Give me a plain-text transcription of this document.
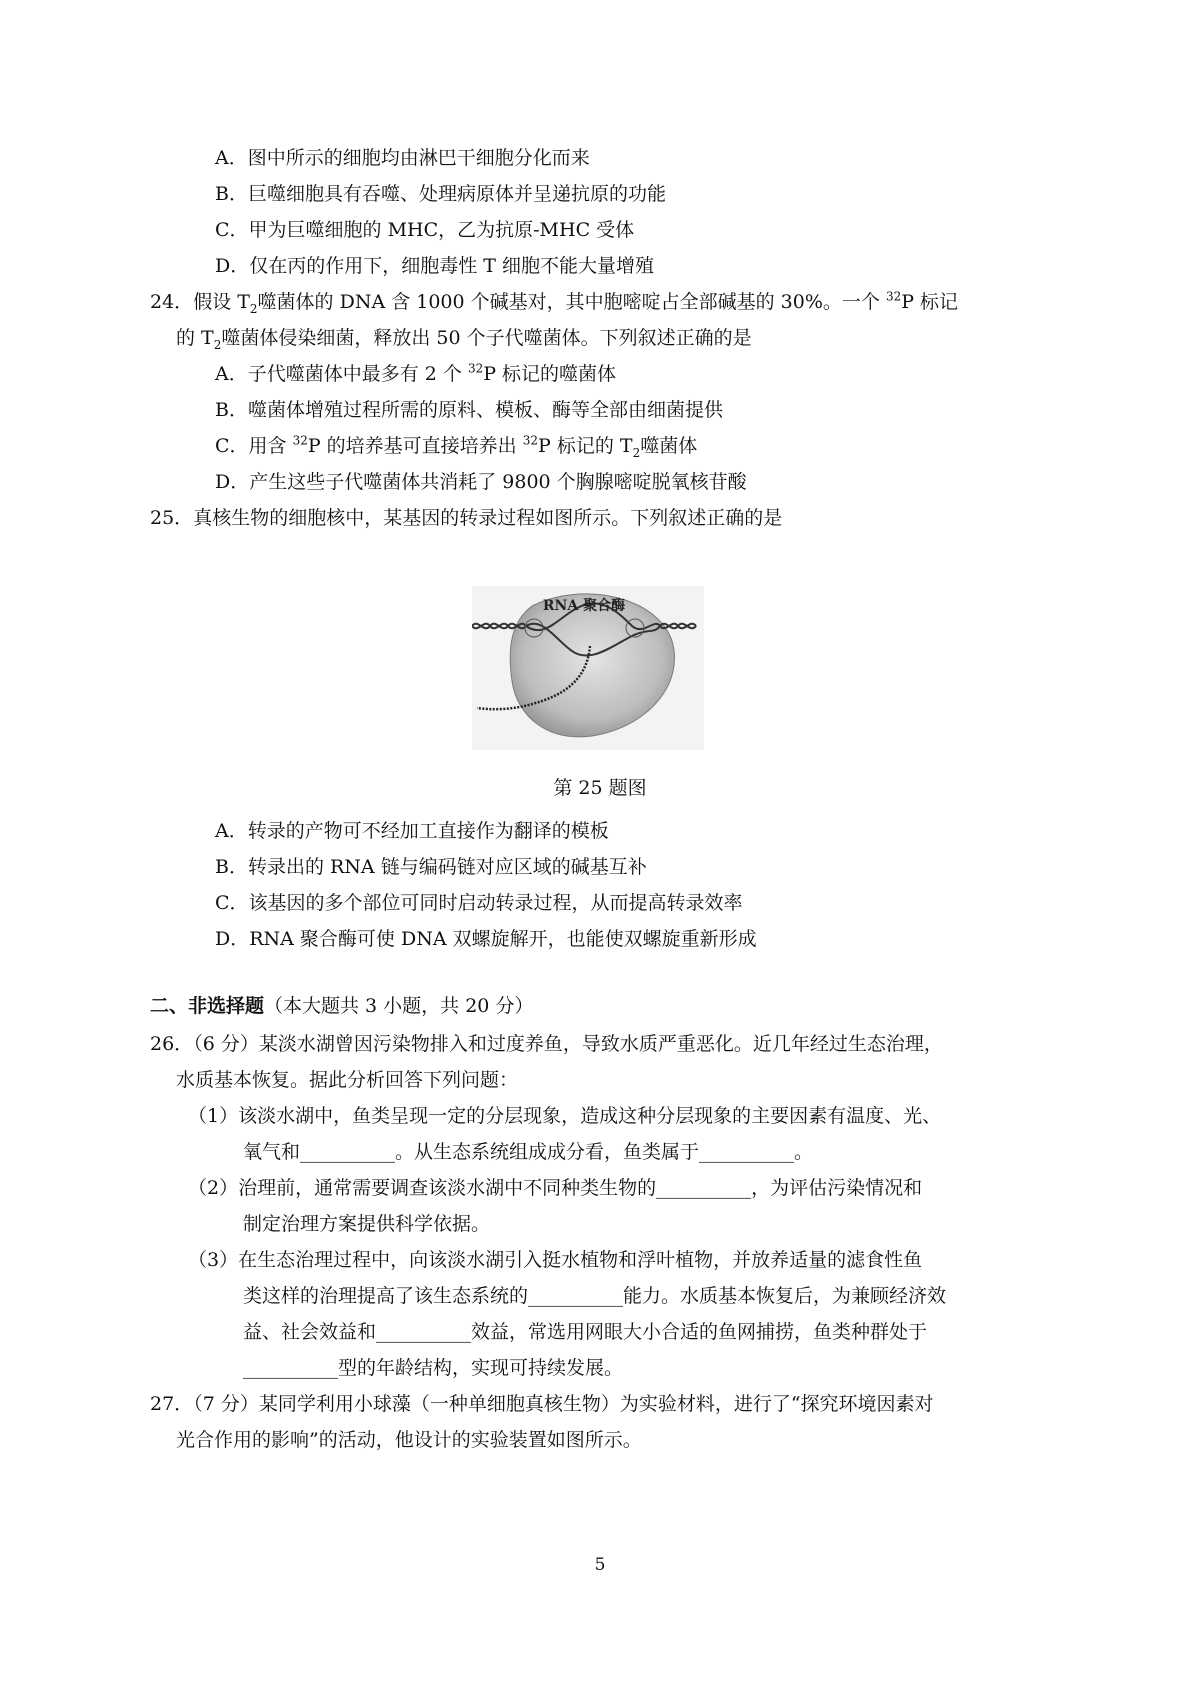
A．图中所示的细胞均由淋巴干细胞分化而来
B．巨噬细胞具有吞噬、处理病原体并呈递抗原的功能
C．甲为巨噬细胞的 MHC，乙为抗原-MHC 受体
D．仅在丙的作用下，细胞毒性 T 细胞不能大量增殖
24．假设 $T_2$噬菌体的 DNA 含 1000 个碱基对，其中胞嘧啶占全部碱基的 30%。一个 $^{32}$P 标记
的 $T_2$噬菌体侵染细菌，释放出 50 个子代噬菌体。下列叙述正确的是
A．子代噬菌体中最多有 2 个 $^{32}$P 标记的噬菌体
B．噬菌体增殖过程所需的原料、模板、酶等全部由细菌提供
C．用含 $^{32}$P 的培养基可直接培养出 $^{32}$P 标记的 $T_2$噬菌体
D．产生这些子代噬菌体共消耗了 9800 个胸腺嘧啶脱氧核苷酸
25．真核生物的细胞核中，某基因的转录过程如图所示。下列叙述正确的是
RNA 聚合酶
第 25 题图
A．转录的产物可不经加工直接作为翻译的模板
B．转录出的 RNA 链与编码链对应区域的碱基互补
C．该基因的多个部位可同时启动转录过程，从而提高转录效率
D．RNA 聚合酶可使 DNA 双螺旋解开，也能使双螺旋重新形成
二、非选择题（本大题共 3 小题，共 20 分）
26．（6 分）某淡水湖曾因污染物排入和过度养鱼，导致水质严重恶化。近几年经过生态治理，
水质基本恢复。据此分析回答下列问题：
（1）该淡水湖中，鱼类呈现一定的分层现象，造成这种分层现象的主要因素有温度、光、
氧气和__________。从生态系统组成成分看，鱼类属于__________。
（2）治理前，通常需要调查该淡水湖中不同种类生物的__________，为评估污染情况和
制定治理方案提供科学依据。
（3）在生态治理过程中，向该淡水湖引入挺水植物和浮叶植物，并放养适量的滤食性鱼
类这样的治理提高了该生态系统的__________能力。水质基本恢复后，为兼顾经济效
益、社会效益和__________效益，常选用网眼大小合适的鱼网捕捞，鱼类种群处于
__________型的年龄结构，实现可持续发展。
27．（7 分）某同学利用小球藻（一种单细胞真核生物）为实验材料，进行了“探究环境因素对
光合作用的影响”的活动，他设计的实验装置如图所示。
5
